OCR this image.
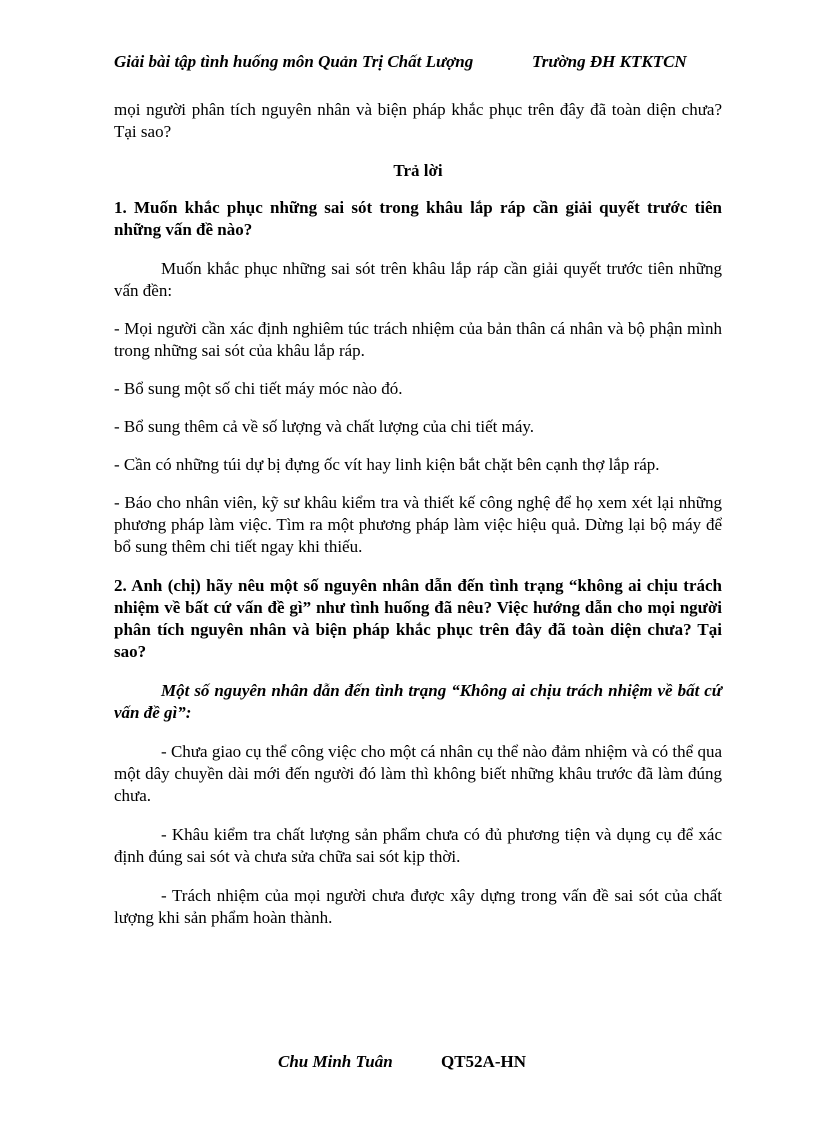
Giải bài tập tình huống môn Quản Trị Chất Lượng	Trường ĐH KTKTCN

mọi người phân tích nguyên nhân và biện pháp khắc phục trên đây đã toàn diện chưa? Tại sao?

Trả lời

1. Muốn khắc phục những sai sót trong khâu lắp ráp cần giải quyết trước tiên những vấn đề nào?

Muốn khắc phục những sai sót trên khâu lắp ráp cần giải quyết trước tiên những vấn đền:

- Mọi người cần xác định nghiêm túc trách nhiệm của bản thân cá nhân và bộ phận mình trong những sai sót của khâu lắp ráp.

- Bổ sung một số chi tiết máy móc nào đó.

- Bổ sung thêm cả về số lượng và chất lượng của chi tiết máy.

- Cần có những túi dự bị đựng ốc vít hay linh kiện bắt chặt bên cạnh thợ lắp ráp.

- Báo cho nhân viên, kỹ sư khâu kiểm tra và thiết kế công nghệ để họ xem xét lại những phương pháp làm việc. Tìm ra một phương pháp làm việc hiệu quả. Dừng lại bộ máy để bổ sung thêm chi tiết ngay khi thiếu.

2. Anh (chị) hãy nêu một số nguyên nhân dẫn đến tình trạng “không ai chịu trách nhiệm về bất cứ vấn đề gì” như tình huống đã nêu? Việc hướng dẫn cho mọi người phân tích nguyên nhân và biện pháp khắc phục trên đây đã toàn diện chưa? Tại sao?

Một số nguyên nhân dẫn đến tình trạng “Không ai chịu trách nhiệm về bất cứ vấn đề gì”:

- Chưa giao cụ thể công việc cho một cá nhân cụ thể nào đảm nhiệm và có thể qua một dây chuyền dài mới đến người đó làm thì không biết những khâu trước đã làm đúng chưa.

- Khâu kiểm tra chất lượng sản phẩm chưa có đủ phương tiện và dụng cụ để xác định đúng sai sót và chưa sửa chữa sai sót kịp thời.

- Trách nhiệm của mọi người chưa được xây dựng trong vấn đề sai sót của chất lượng khi sản phẩm hoàn thành.

Chu Minh Tuân	QT52A-HN
